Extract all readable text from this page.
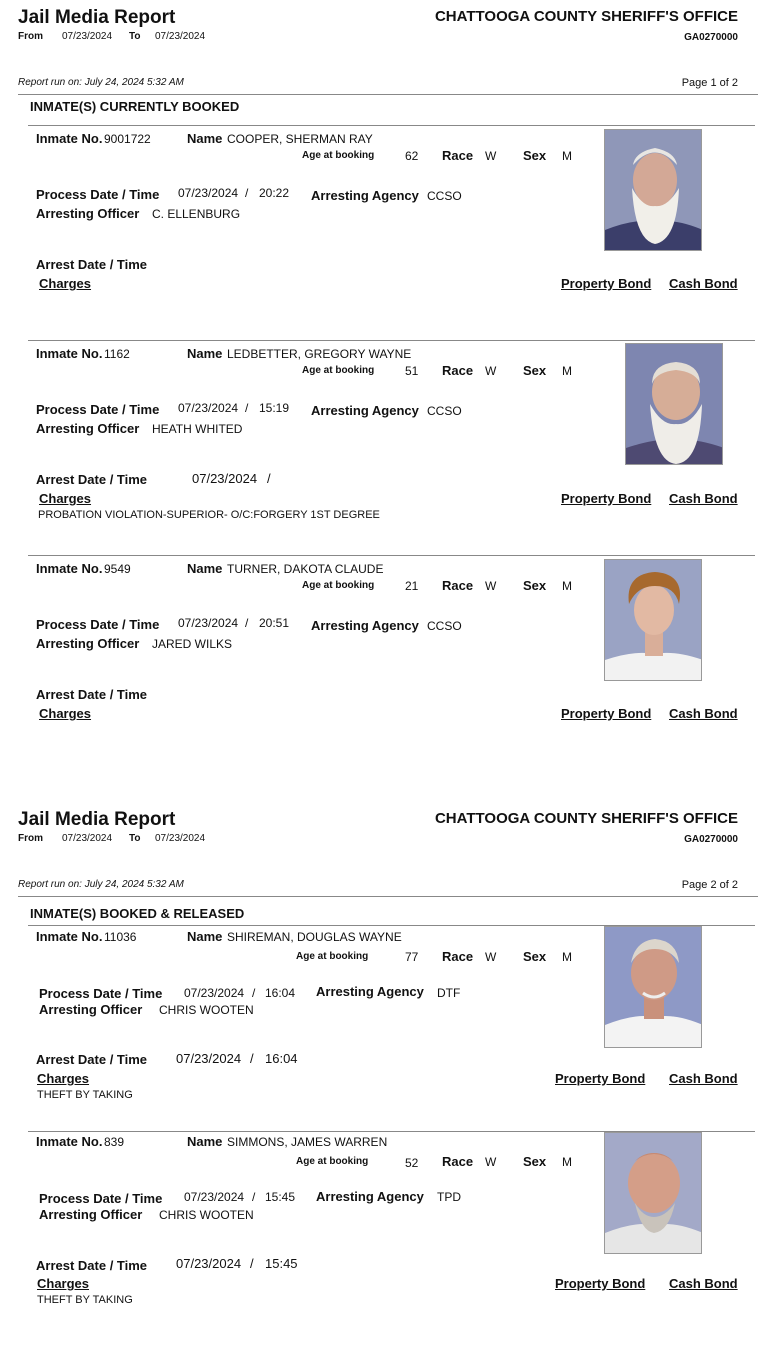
Jail Media Report
From 07/23/2024 To 07/23/2024
CHATTOOGA COUNTY SHERIFF'S OFFICE
GA0270000
Report run on: July 24, 2024 5:32 AM	Page 1 of 2
INMATE(S) CURRENTLY BOOKED
Inmate No. 9001722	Name COOPER, SHERMAN RAY
Age at booking	62 Race W Sex M
Process Date / Time 07/23/2024 / 20:22 Arresting Agency CCSO
Arresting Officer C. ELLENBURG
Arrest Date / Time
Charges	Property Bond Cash Bond
Inmate No. 1162	Name LEDBETTER, GREGORY WAYNE
Age at booking	51 Race W Sex M
Process Date / Time 07/23/2024 / 15:19 Arresting Agency CCSO
Arresting Officer HEATH WHITED
Arrest Date / Time	07/23/2024 /
Charges	Property Bond Cash Bond
PROBATION VIOLATION-SUPERIOR- O/C:FORGERY 1ST DEGREE
Inmate No. 9549	Name TURNER, DAKOTA CLAUDE
Age at booking	21 Race W Sex M
Process Date / Time 07/23/2024 / 20:51 Arresting Agency CCSO
Arresting Officer JARED WILKS
Arrest Date / Time
Charges	Property Bond Cash Bond
Jail Media Report
From 07/23/2024 To 07/23/2024
CHATTOOGA COUNTY SHERIFF'S OFFICE
GA0270000
Report run on: July 24, 2024 5:32 AM	Page 2 of 2
INMATE(S) BOOKED & RELEASED
Inmate No. 11036	Name SHIREMAN, DOUGLAS WAYNE
Age at booking	77 Race W Sex M
Process Date / Time 07/23/2024 / 16:04 Arresting Agency DTF
Arresting Officer CHRIS WOOTEN
Arrest Date / Time 07/23/2024 / 16:04
Charges	Property Bond Cash Bond
THEFT BY TAKING
Inmate No. 839	Name SIMMONS, JAMES WARREN
Age at booking	52 Race W Sex M
Process Date / Time 07/23/2024 / 15:45 Arresting Agency TPD
Arresting Officer CHRIS WOOTEN
Arrest Date / Time 07/23/2024 / 15:45
Charges	Property Bond Cash Bond
THEFT BY TAKING
